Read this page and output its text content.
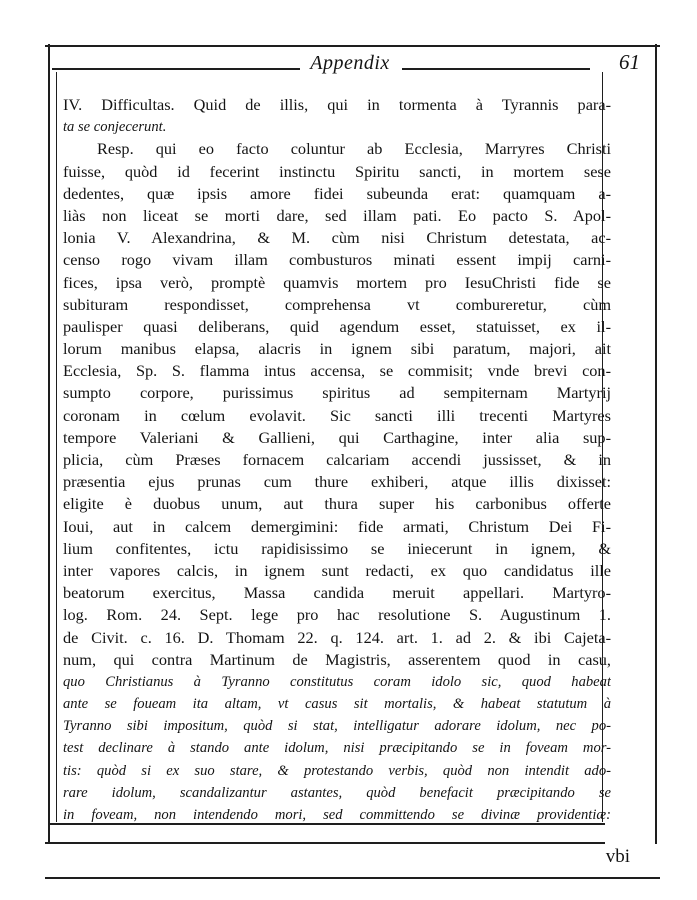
Appendix	61
IV. Difficultas. Quid de illis, qui in tormenta à Tyrannis para-
ta se conjecerunt.
Resp. qui eo facto coluntur ab Ecclesia, Marryres Christi
fuisse, quòd id fecerint instinctu Spiritu sancti, in mortem sese
dedentes, quæ ipsis amore fidei subeunda erat: quamquam a-
liàs non liceat se morti dare, sed illam pati. Eo pacto S. Apol-
lonia V. Alexandrina, & M. cùm nisi Christum detestata, ac-
censo rogo vivam illam combusturos minati essent impij carni-
fices, ipsa verò, promptè quamvis mortem pro IesuChristi fide se
subituram respondisset, comprehensa vt combureretur, cùm
paulisper quasi deliberans, quid agendum esset, statuisset, ex il-
lorum manibus elapsa, alacris in ignem sibi paratum, majori, ait
Ecclesia, Sp. S. flamma intus accensa, se commisit; vnde brevi con-
sumpto corpore, purissimus spiritus ad sempiternam Martyrij
coronam in cœlum evolavit. Sic sancti illi trecenti Martyres
tempore Valeriani & Gallieni, qui Carthagine, inter alia sup-
plicia, cùm Præses fornacem calcariam accendi jussisset, & in
præsentia ejus prunas cum thure exhiberi, atque illis dixisset:
eligite è duobus unum, aut thura super his carbonibus offerte
Ioui, aut in calcem demergimini: fide armati, Christum Dei Fi-
lium confitentes, ictu rapidisissimo se iniecerunt in ignem, &
inter vapores calcis, in ignem sunt redacti, ex quo candidatus ille
beatorum exercitus, Massa candida meruit appellari. Martyro-
log. Rom. 24. Sept. lege pro hac resolutione S. Augustinum 1.
de Civit. c. 16. D. Thomam 22. q. 124. art. 1. ad 2. & ibi Cajeta-
num, qui contra Martinum de Magistris, asserentem quod in casu,
quo Christianus à Tyranno constitutus coram idolo sic, quod habeat
ante se foueam ita altam, vt casus sit mortalis, & habeat statutum à
Tyranno sibi impositum, quòd si stat, intelligatur adorare idolum, nec po-
test declinare à stando ante idolum, nisi præcipitando se in foveam mor-
tis: quòd si ex suo stare, & protestando verbis, quòd non intendit ado-
rare idolum, scandalizantur astantes, quòd benefacit præcipitando se
in foveam, non intendendo mori, sed committendo se divinæ providentiæ:
vbi
